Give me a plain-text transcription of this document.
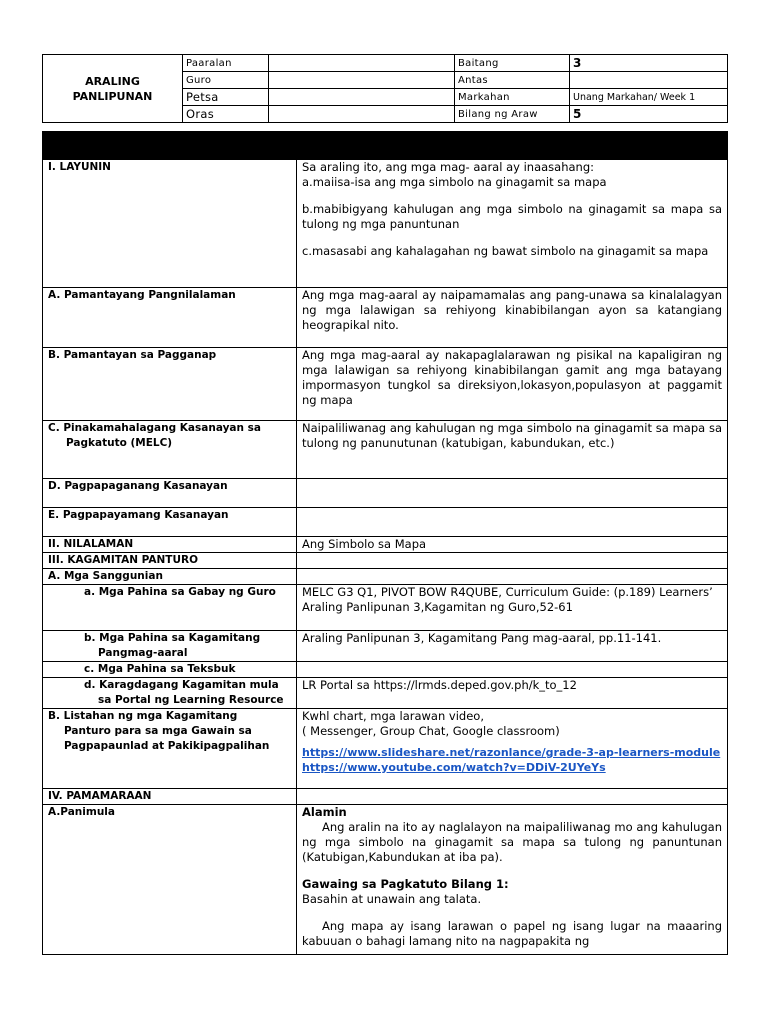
ARALING PANLIPUNAN	Paaralan		Baitang	3
	Guro		Antas	
	Petsa		Markahan	Unang Markahan/ Week 1
	Oras		Bilang ng Araw	5

I. LAYUNIN	Sa araling ito, ang mga mag- aaral ay inaasahang:
a.maiisa-isa ang mga simbolo na ginagamit sa mapa

b.mabibigyang kahulugan ang mga simbolo na ginagamit sa mapa sa tulong ng mga panuntunan

c.masasabi ang kahalagahan ng bawat simbolo na ginagamit sa mapa

A. Pamantayang Pangnilalaman	Ang mga mag-aaral ay naipamamalas ang pang-unawa sa kinalalagyan ng mga lalawigan sa rehiyong kinabibilangan ayon sa katangiang heograpikal nito.
B. Pamantayan sa Pagganap	Ang mga mag-aaral ay nakapaglalarawan ng pisikal na kapaligiran ng mga lalawigan sa rehiyong kinabibilangan gamit ang mga batayang impormasyon tungkol sa direksiyon,lokasyon,populasyon at paggamit ng mapa
C. Pinakamahalagang Kasanayan sa

Pagkatuto (MELC)	Naipaliliwanag ang kahulugan ng mga simbolo na ginagamit sa mapa sa tulong ng panunutunan (katubigan, kabundukan, etc.)
D. Pagpapaganang Kasanayan	
E. Pagpapayamang Kasanayan	
II. NILALAMAN	Ang Simbolo sa Mapa
III. KAGAMITAN PANTURO	
A. Mga Sanggunian	

a. Mga Pahina sa Gabay ng Guro	MELC G3 Q1, PIVOT BOW R4QUBE, Curriculum Guide: (p.189) Learners’
Araling Panlipunan 3,Kagamitan ng Guro,52-61

b. Mga Pahina sa Kagamitang
Pangmag-aaral	Araling Panlipunan 3, Kagamitang Pang mag-aaral, pp.11-141.

c. Mga Pahina sa Teksbuk	

d. Karagdagang Kagamitan mula
sa Portal ng Learning Resource	LR Portal sa https://lrmds.deped.gov.ph/k_to_12
B. Listahan ng mga Kagamitang
Panturo para sa mga Gawain sa
Pagpapaunlad at Pakikipagpalihan	Kwhl chart, mga larawan video,
( Messenger, Group Chat, Google classroom)
https://www.slideshare.net/razonlance/grade-3-ap-learners-module
https://www.youtube.com/watch?v=DDiV-2UYeYs

IV. PAMAMARAAN	
A.Panimula	Alamin
Ang aralin na ito ay naglalayon na maipaliliwanag mo ang kahulugan ng mga simbolo na ginagamit sa mapa sa tulong ng panuntunan (Katubigan,Kabundukan at iba pa).
Gawaing sa Pagkatuto Bilang 1:
Basahin at unawain ang talata.
Ang mapa ay isang larawan o papel ng isang lugar na maaaring kabuuan o bahagi lamang nito na nagpapakita ng
